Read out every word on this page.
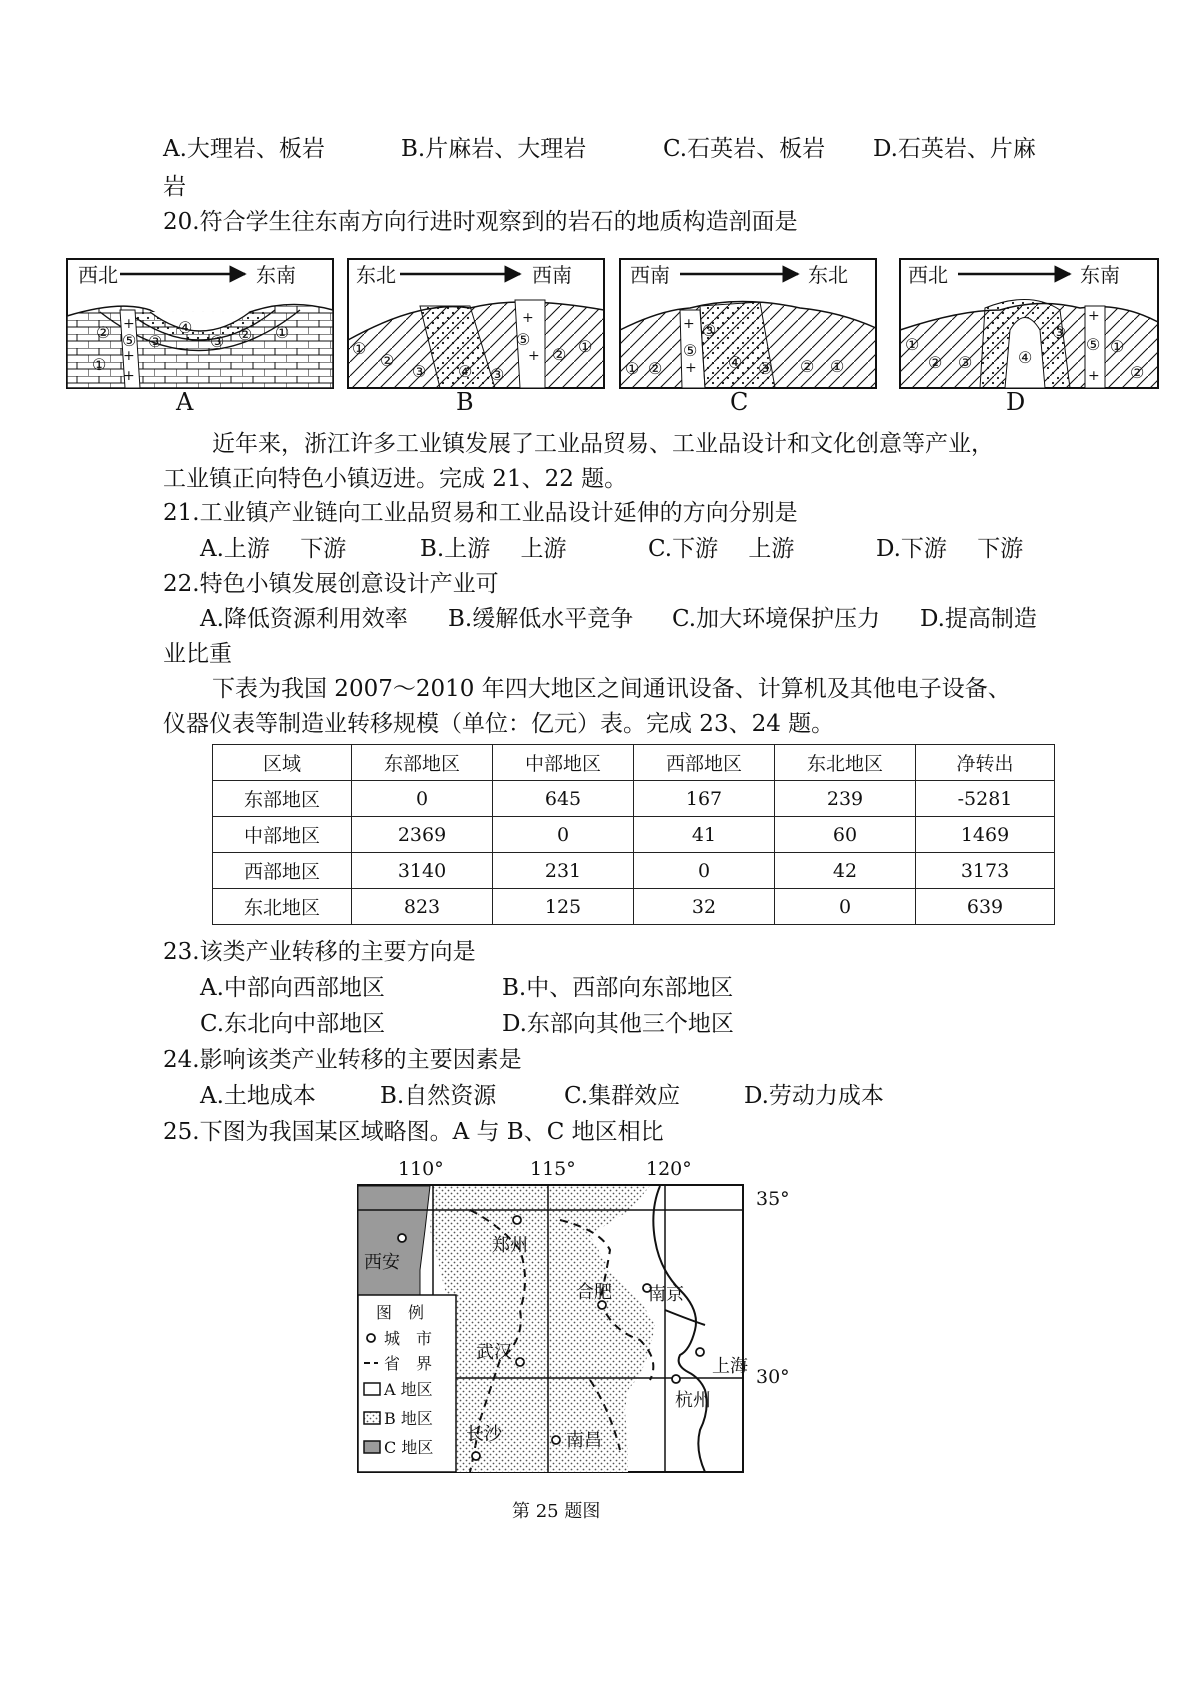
A.大理岩、板岩	B.片麻岩、大理岩	C.石英岩、板岩 D.石英岩、片麻
岩
20.符合学生往东南方向行进时观察到的岩石的地质构造剖面是
西北	东南
+
+
+
①
② ③
④
⑤	③ ② ①
A
东北	西南
+
+
①
②
③ ④ ③
⑤
② ①
B
西南	东北
+
+
① ②
③
④
⑤
③ ② ①
C
西北	东南
+
+
①
② ③	④
③
⑤ ①
②
D
近年来，浙江许多工业镇发展了工业品贸易、工业品设计和文化创意等产业，
工业镇正向特色小镇迈进。完成 21、22 题。
21.工业镇产业链向工业品贸易和工业品设计延伸的方向分别是
A.上游　 下游	B.上游　 上游	C.下游　 上游	D.下游　 下游
22.特色小镇发展创意设计产业可
A.降低资源利用效率 B.缓解低水平竞争 C.加大环境保护压力 D.提高制造
业比重
下表为我国 2007～2010 年四大地区之间通讯设备、计算机及其他电子设备、
仪器仪表等制造业转移规模（单位：亿元）表。完成 23、24 题。
区域	东部地区	中部地区	西部地区	东北地区	净转出
东部地区	0	645	167	239	-5281
中部地区	2369	0	41	60	1469
西部地区	3140	231	0	42	3173
东北地区	823	125	32	0	639
23.该类产业转移的主要方向是
A.中部向西部地区	B.中、西部向东部地区
C.东北向中部地区	D.东部向其他三个地区
24.影响该类产业转移的主要因素是
A.土地成本	B.自然资源	C.集群效应	D.劳动力成本
25.下图为我国某区域略图。A 与 B、C 地区相比
110°	115°	120°
35°
30°
图　例
城　市
省　界
A 地区
B 地区
C 地区
西安
郑州
合肥 南京
武汉
上海
杭州
长沙	南昌
第 25 题图
